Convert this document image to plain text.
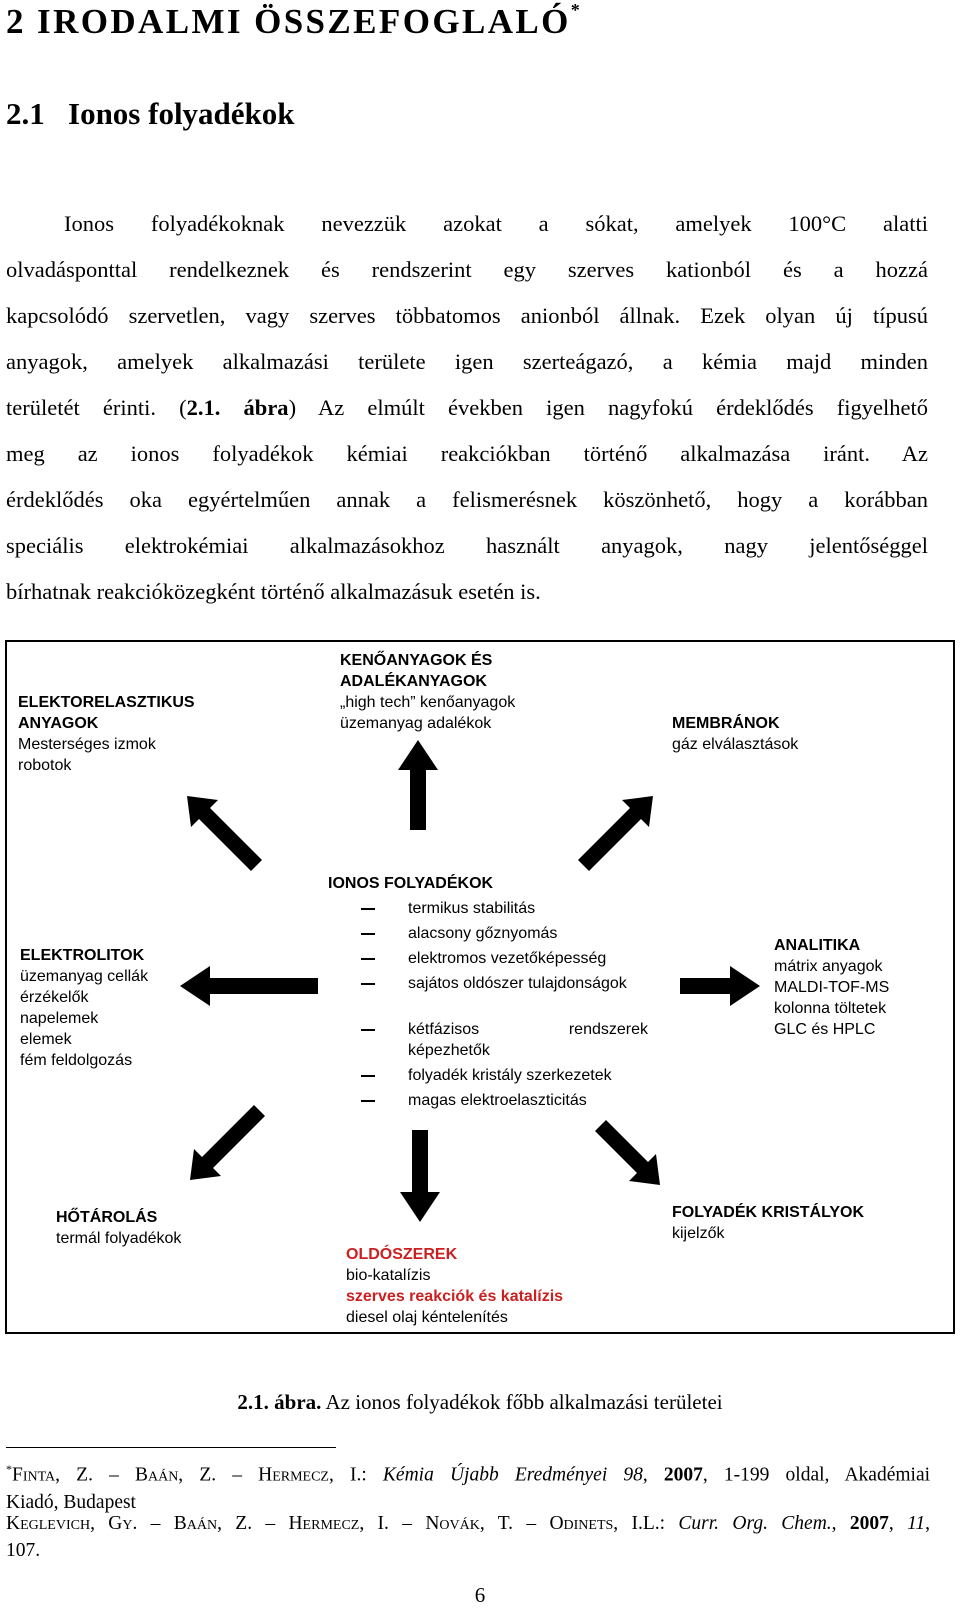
2 IRODALMI ÖSSZEFOGLALÓ*
2.1 Ionos folyadékok
Ionos folyadékoknak nevezzük azokat a sókat, amelyek 100°C alatti
olvadásponttal rendelkeznek és rendszerint egy szerves kationból és a hozzá
kapcsolódó szervetlen, vagy szerves többatomos anionból állnak. Ezek olyan új típusú
anyagok, amelyek alkalmazási területe igen szerteágazó, a kémia majd minden
területét érinti. (2.1. ábra) Az elmúlt években igen nagyfokú érdeklődés figyelhető
meg az ionos folyadékok kémiai reakciókban történő alkalmazása iránt. Az
érdeklődés oka egyértelműen annak a felismerésnek köszönhető, hogy a korábban
speciális elektrokémiai alkalmazásokhoz használt anyagok, nagy jelentőséggel
bírhatnak reakcióközegként történő alkalmazásuk esetén is.
KENŐANYAGOK ÉS
ADALÉKANYAGOK
„high tech” kenőanyagok
üzemanyag adalékok
ELEKTORELASZTIKUS
ANYAGOK
Mesterséges izmok
robotok
MEMBRÁNOK
gáz elválasztások
ELEKTROLITOK
üzemanyag cellák
érzékelők
napelemek
elemek
fém feldolgozás
IONOS FOLYADÉKOK
termikus stabilitás
alacsony gőznyomás
elektromos vezetőképesség
sajátos oldószer tulajdonságok
kétfázisos rendszerek képezhetők
folyadék kristály szerkezetek
magas elektroelaszticitás
ANALITIKA
mátrix anyagok
MALDI-TOF-MS
kolonna töltetek
GLC és HPLC
HŐTÁROLÁS
termál folyadékok
OLDÓSZEREK
bio-katalízis
szerves reakciók és katalízis
diesel olaj kéntelenítés
FOLYADÉK KRISTÁLYOK
kijelzők
2.1. ábra. Az ionos folyadékok főbb alkalmazási területei
*Finta, Z. – Baán, Z. – Hermecz, I.: Kémia Újabb Eredményei 98, 2007, 1-199 oldal, Akadémiai
Kiadó, Budapest
Keglevich, Gy. – Baán, Z. – Hermecz, I. – Novák, T. – Odinets, I.L.: Curr. Org. Chem., 2007, 11,
107.
6
